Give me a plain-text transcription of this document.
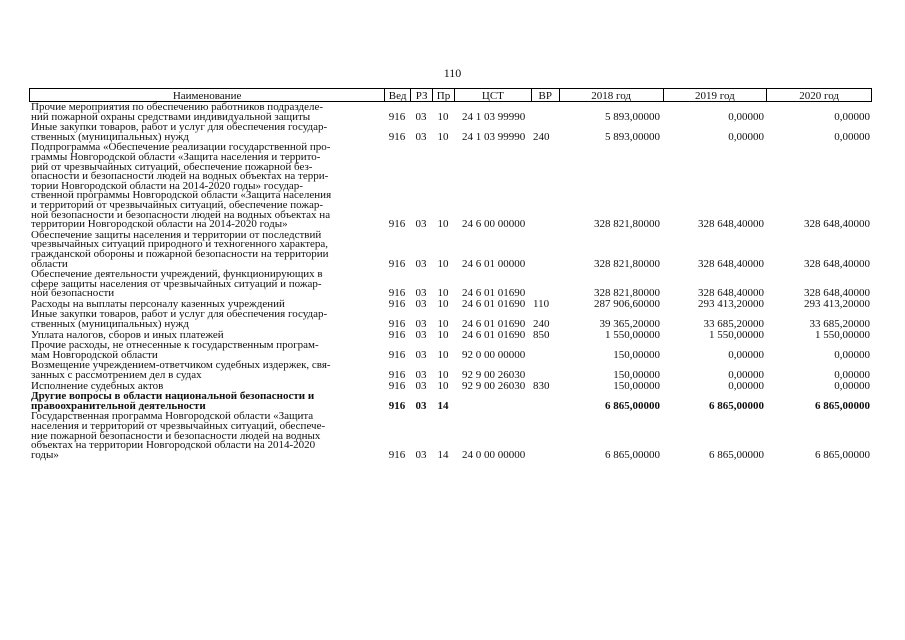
110
Наименование	Вед РЗ Пр	ЦСТ	ВР	2018 год	2019 год	2020 год
Прочие мероприятия по обеспечению работников подразделе-
ний пожарной охраны средствами индивидуальной защиты	916 03	10	24 1 03 99990	5 893,00000	0,00000	0,00000
Иные закупки товаров, работ и услуг для обеспечения государ-
ственных (муниципальных) нужд	916 03	10	24 1 03 99990 240	5 893,00000	0,00000	0,00000
Подпрограмма «Обеспечение реализации государственной про-
граммы Новгородской области «Защита населения и террито-
рий от чрезвычайных ситуаций, обеспечение пожарной без-
опасности и безопасности людей на водных объектах на терри-
тории Новгородской области на 2014-2020 годы» государ-
ственной программы Новгородской области «Защита населения
и территорий от чрезвычайных ситуаций, обеспечение пожар-
ной безопасности и безопасности людей на водных объектах на
территории Новгородской области на 2014-2020 годы»	916 03	10	24 6 00 00000	328 821,80000	328 648,40000	328 648,40000
Обеспечение защиты населения и территории от последствий
чрезвычайных ситуаций природного и техногенного характера,
гражданской обороны и пожарной безопасности на территории
области	916 03	10	24 6 01 00000	328 821,80000	328 648,40000	328 648,40000
Обеспечение деятельности учреждений, функционирующих в
сфере защиты населения от чрезвычайных ситуаций и пожар-
ной безопасности	916 03	10	24 6 01 01690	328 821,80000	328 648,40000	328 648,40000
Расходы на выплаты персоналу казенных учреждений	916 03	10	24 6 01 01690 110	287 906,60000	293 413,20000	293 413,20000
Иные закупки товаров, работ и услуг для обеспечения государ-
ственных (муниципальных) нужд	916 03	10	24 6 01 01690 240	39 365,20000	33 685,20000	33 685,20000
Уплата налогов, сборов и иных платежей	916 03	10	24 6 01 01690 850	1 550,00000	1 550,00000	1 550,00000
Прочие расходы, не отнесенные к государственным програм-
мам Новгородской области	916 03	10	92 0 00 00000	150,00000	0,00000	0,00000
Возмещение учреждением-ответчиком судебных издержек, свя-
занных с рассмотрением дел в судах	916 03	10	92 9 00 26030	150,00000	0,00000	0,00000
Исполнение судебных актов	916 03	10	92 9 00 26030 830	150,00000	0,00000	0,00000
Другие вопросы в области национальной безопасности и
правоохранительной деятельности	916 03	14	6 865,00000	6 865,00000	6 865,00000
Государственная программа Новгородской области «Защита
населения и территорий от чрезвычайных ситуаций, обеспече-
ние пожарной безопасности и безопасности людей на водных
объектах на территории Новгородской области на 2014-2020
годы»	916 03	14	24 0 00 00000	6 865,00000	6 865,00000	6 865,00000
